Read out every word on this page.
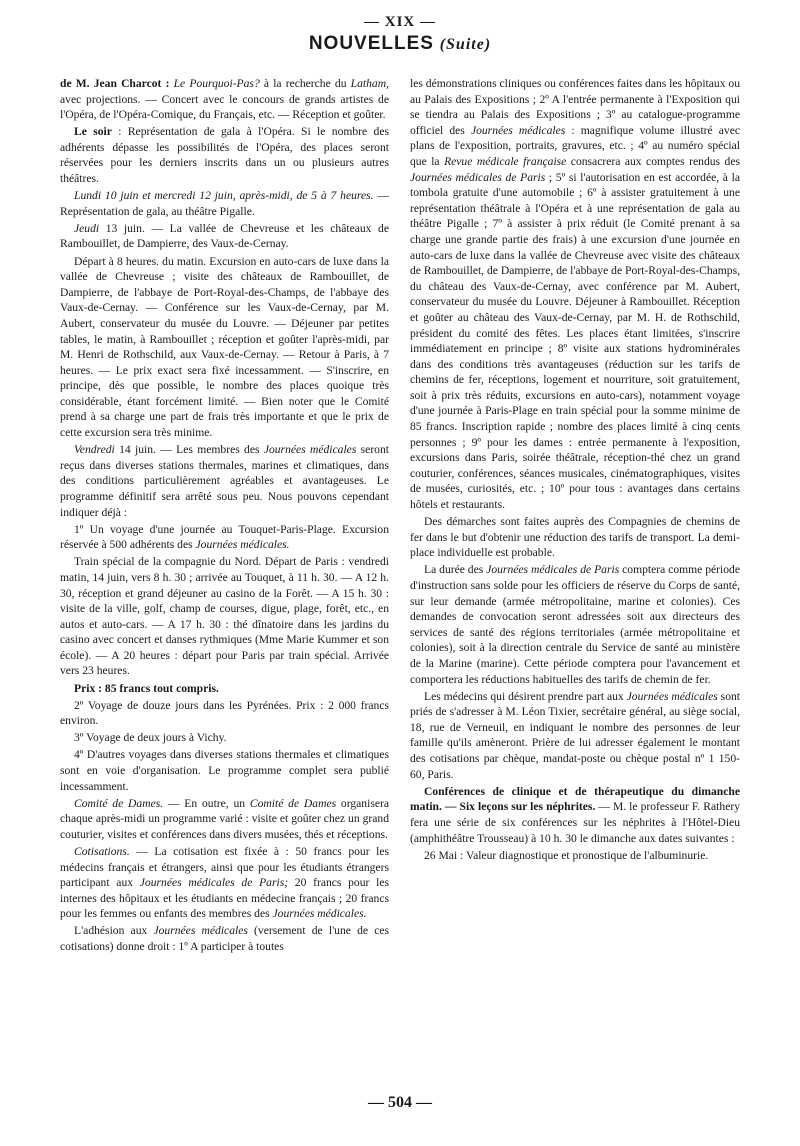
— XIX —
NOUVELLES (Suite)

de M. Jean Charcot : Le Pourquoi-Pas? à la recherche du Latham, avec projections. — Concert avec le concours de grands artistes de l'Opéra, de l'Opéra-Comique, du Français, etc. — Réception et goûter.

Le soir : Représentation de gala à l'Opéra. Si le nombre des adhérents dépasse les possibilités de l'Opéra, des places seront réservées pour les derniers inscrits dans un ou plusieurs autres théâtres.

Lundi 10 juin et mercredi 12 juin, après-midi, de 5 à 7 heures. — Représentation de gala, au théâtre Pigalle.

Jeudi 13 juin. — La vallée de Chevreuse et les châteaux de Rambouillet, de Dampierre, des Vaux-de-Cernay.

Départ à 8 heures. du matin. Excursion en auto-cars de luxe dans la vallée de Chevreuse ; visite des châteaux de Rambouillet, de Dampierre, de l'abbaye de Port-Royal-des-Champs, de l'abbaye des Vaux-de-Cernay. — Conférence sur les Vaux-de-Cernay, par M. Aubert, conservateur du musée du Louvre. — Déjeuner par petites tables, le matin, à Rambouillet ; réception et goûter l'après-midi, par M. Henri de Rothschild, aux Vaux-de-Cernay. — Retour à Paris, à 7 heures. — Le prix exact sera fixé incessamment. — S'inscrire, en principe, dès que possible, le nombre des places quoique très considérable, étant forcément limité. — Bien noter que le Comité prend à sa charge une part de frais très importante et que le prix de cette excursion sera très minime.

Vendredi 14 juin. — Les membres des Journées médicales seront reçus dans diverses stations thermales, marines et climatiques, dans des conditions particulièrement agréables et avantageuses. Le programme définitif sera arrêté sous peu. Nous pouvons cependant indiquer déjà :

1º Un voyage d'une journée au Touquet-Paris-Plage. Excursion réservée à 500 adhérents des Journées médicales.

Train spécial de la compagnie du Nord. Départ de Paris : vendredi matin, 14 juin, vers 8 h. 30 ; arrivée au Touquet, à 11 h. 30. — A 12 h. 30, réception et grand déjeuner au casino de la Forêt. — A 15 h. 30 : visite de la ville, golf, champ de courses, digue, plage, forêt, etc., en autos et auto-cars. — A 17 h. 30 : thé dînatoire dans les jardins du casino avec concert et danses rythmiques (Mme Marie Kummer et son école). — A 20 heures : départ pour Paris par train spécial. Arrivée vers 23 heures.

Prix : 85 francs tout compris.

2º Voyage de douze jours dans les Pyrénées. Prix : 2 000 francs environ.

3º Voyage de deux jours à Vichy.

4º D'autres voyages dans diverses stations thermales et climatiques sont en voie d'organisation. Le programme complet sera publié incessamment.

Comité de Dames. — En outre, un Comité de Dames organisera chaque après-midi un programme varié : visite et goûter chez un grand couturier, visites et conférences dans divers musées, thés et réceptions.

Cotisations. — La cotisation est fixée à : 50 francs pour les médecins français et étrangers, ainsi que pour les étudiants étrangers participant aux Journées médicales de Paris; 20 francs pour les internes des hôpitaux et les étudiants en médecine français ; 20 francs pour les femmes ou enfants des membres des Journées médicales.

L'adhésion aux Journées médicales (versement de l'une de ces cotisations) donne droit : 1º A participer à toutes

les démonstrations cliniques ou conférences faites dans les hôpitaux ou au Palais des Expositions ; 2º A l'entrée permanente à l'Exposition qui se tiendra au Palais des Expositions ; 3º au catalogue-programme officiel des Journées médicales : magnifique volume illustré avec plans de l'exposition, portraits, gravures, etc. ; 4º au numéro spécial que la Revue médicale française consacrera aux comptes rendus des Journées médicales de Paris ; 5º si l'autorisation en est accordée, à la tombola gratuite d'une automobile ; 6º à assister gratuitement à une représentation théâtrale à l'Opéra et à une représentation de gala au théâtre Pigalle ; 7º à assister à prix réduit (le Comité prenant à sa charge une grande partie des frais) à une excursion d'une journée en auto-cars de luxe dans la vallée de Chevreuse avec visite des châteaux de Rambouillet, de Dampierre, de l'abbaye de Port-Royal-des-Champs, du château des Vaux-de-Cernay, avec conférence par M. Aubert, conservateur du musée du Louvre. Déjeuner à Rambouillet. Réception et goûter au château des Vaux-de-Cernay, par M. H. de Rothschild, président du comité des fêtes. Les places étant limitées, s'inscrire immédiatement en principe ; 8º visite aux stations hydrominérales dans des conditions très avantageuses (réduction sur les tarifs de chemins de fer, réceptions, logement et nourriture, soit gratuitement, soit à prix très réduits, excursions en auto-cars), notamment voyage d'une journée à Paris-Plage en train spécial pour la somme minime de 85 francs. Inscription rapide ; nombre des places limité à cinq cents personnes ; 9º pour les dames : entrée permanente à l'exposition, excursions dans Paris, soirée théâtrale, réception-thé chez un grand couturier, conférences, séances musicales, cinématographiques, visites de musées, curiosités, etc. ; 10º pour tous : avantages dans certains hôtels et restaurants.

Des démarches sont faites auprès des Compagnies de chemins de fer dans le but d'obtenir une réduction des tarifs de transport. La demi-place individuelle est probable.

La durée des Journées médicales de Paris comptera comme période d'instruction sans solde pour les officiers de réserve du Corps de santé, sur leur demande (armée métropolitaine, marine et colonies). Ces demandes de convocation seront adressées soit aux directeurs des services de santé des régions territoriales (armée métropolitaine et colonies), soit à la direction centrale du Service de santé au ministère de la Marine (marine). Cette période comptera pour l'avancement et comportera les réductions habituelles des tarifs de chemin de fer.

Les médecins qui désirent prendre part aux Journées médicales sont priés de s'adresser à M. Léon Tixier, secrétaire général, au siège social, 18, rue de Verneuil, en indiquant le nombre des personnes de leur famille qu'ils amèneront. Prière de lui adresser également le montant des cotisations par chèque, mandat-poste ou chèque postal nº 1 150-60, Paris.

Conférences de clinique et de thérapeutique du dimanche matin. — Six leçons sur les néphrites. — M. le professeur F. Rathery fera une série de six conférences sur les néphrites à l'Hôtel-Dieu (amphithéâtre Trousseau) à 10 h. 30 le dimanche aux dates suivantes :

26 Mai : Valeur diagnostique et pronostique de l'albuminurie.

— 504 —
